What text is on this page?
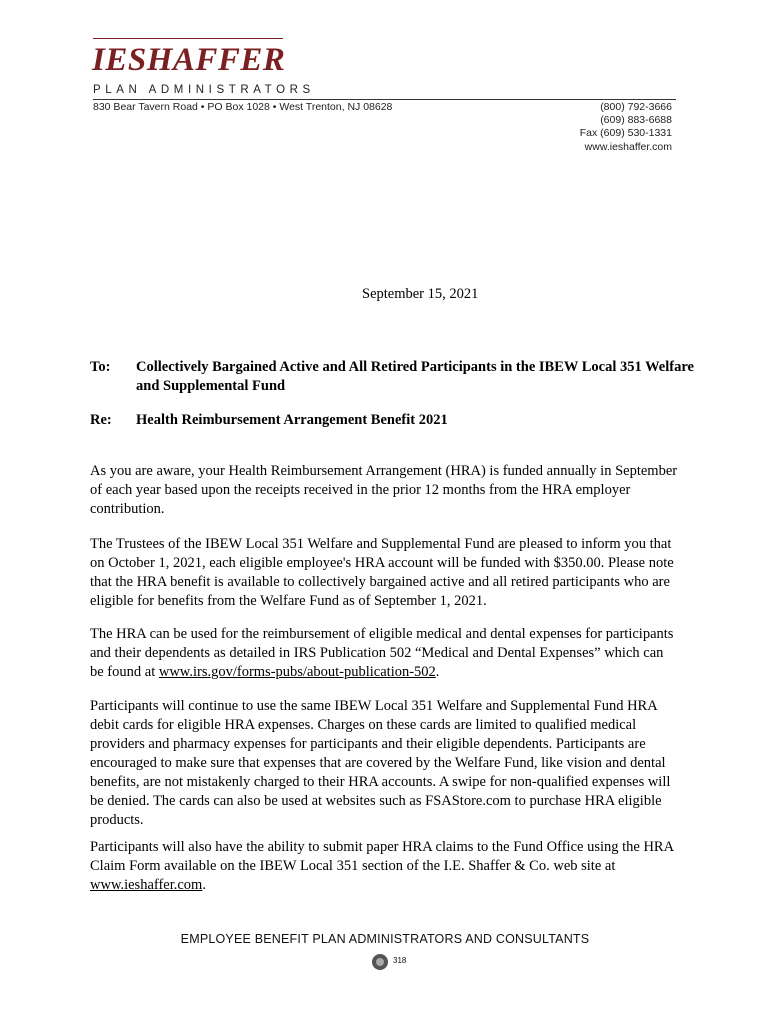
IESHAFFER
PLAN ADMINISTRATORS
830 Bear Tavern Road • PO Box 1028 • West Trenton, NJ 08628	(800) 792-3666
(609) 883-6688
Fax (609) 530-1331
www.ieshaffer.com
September 15, 2021
To:	Collectively Bargained Active and All Retired Participants in the IBEW Local 351 Welfare and Supplemental Fund
Re:	Health Reimbursement Arrangement Benefit 2021
As you are aware, your Health Reimbursement Arrangement (HRA) is funded annually in September of each year based upon the receipts received in the prior 12 months from the HRA employer contribution.
The Trustees of the IBEW Local 351 Welfare and Supplemental Fund are pleased to inform you that on October 1, 2021, each eligible employee's HRA account will be funded with $350.00. Please note that the HRA benefit is available to collectively bargained active and all retired participants who are eligible for benefits from the Welfare Fund as of September 1, 2021.
The HRA can be used for the reimbursement of eligible medical and dental expenses for participants and their dependents as detailed in IRS Publication 502 “Medical and Dental Expenses” which can be found at www.irs.gov/forms-pubs/about-publication-502.
Participants will continue to use the same IBEW Local 351 Welfare and Supplemental Fund HRA debit cards for eligible HRA expenses. Charges on these cards are limited to qualified medical providers and pharmacy expenses for participants and their eligible dependents. Participants are encouraged to make sure that expenses that are covered by the Welfare Fund, like vision and dental benefits, are not mistakenly charged to their HRA accounts. A swipe for non-qualified expenses will be denied. The cards can also be used at websites such as FSAStore.com to purchase HRA eligible products.
Participants will also have the ability to submit paper HRA claims to the Fund Office using the HRA Claim Form available on the IBEW Local 351 section of the I.E. Shaffer & Co. web site at www.ieshaffer.com.
EMPLOYEE BENEFIT PLAN ADMINISTRATORS AND CONSULTANTS
318
